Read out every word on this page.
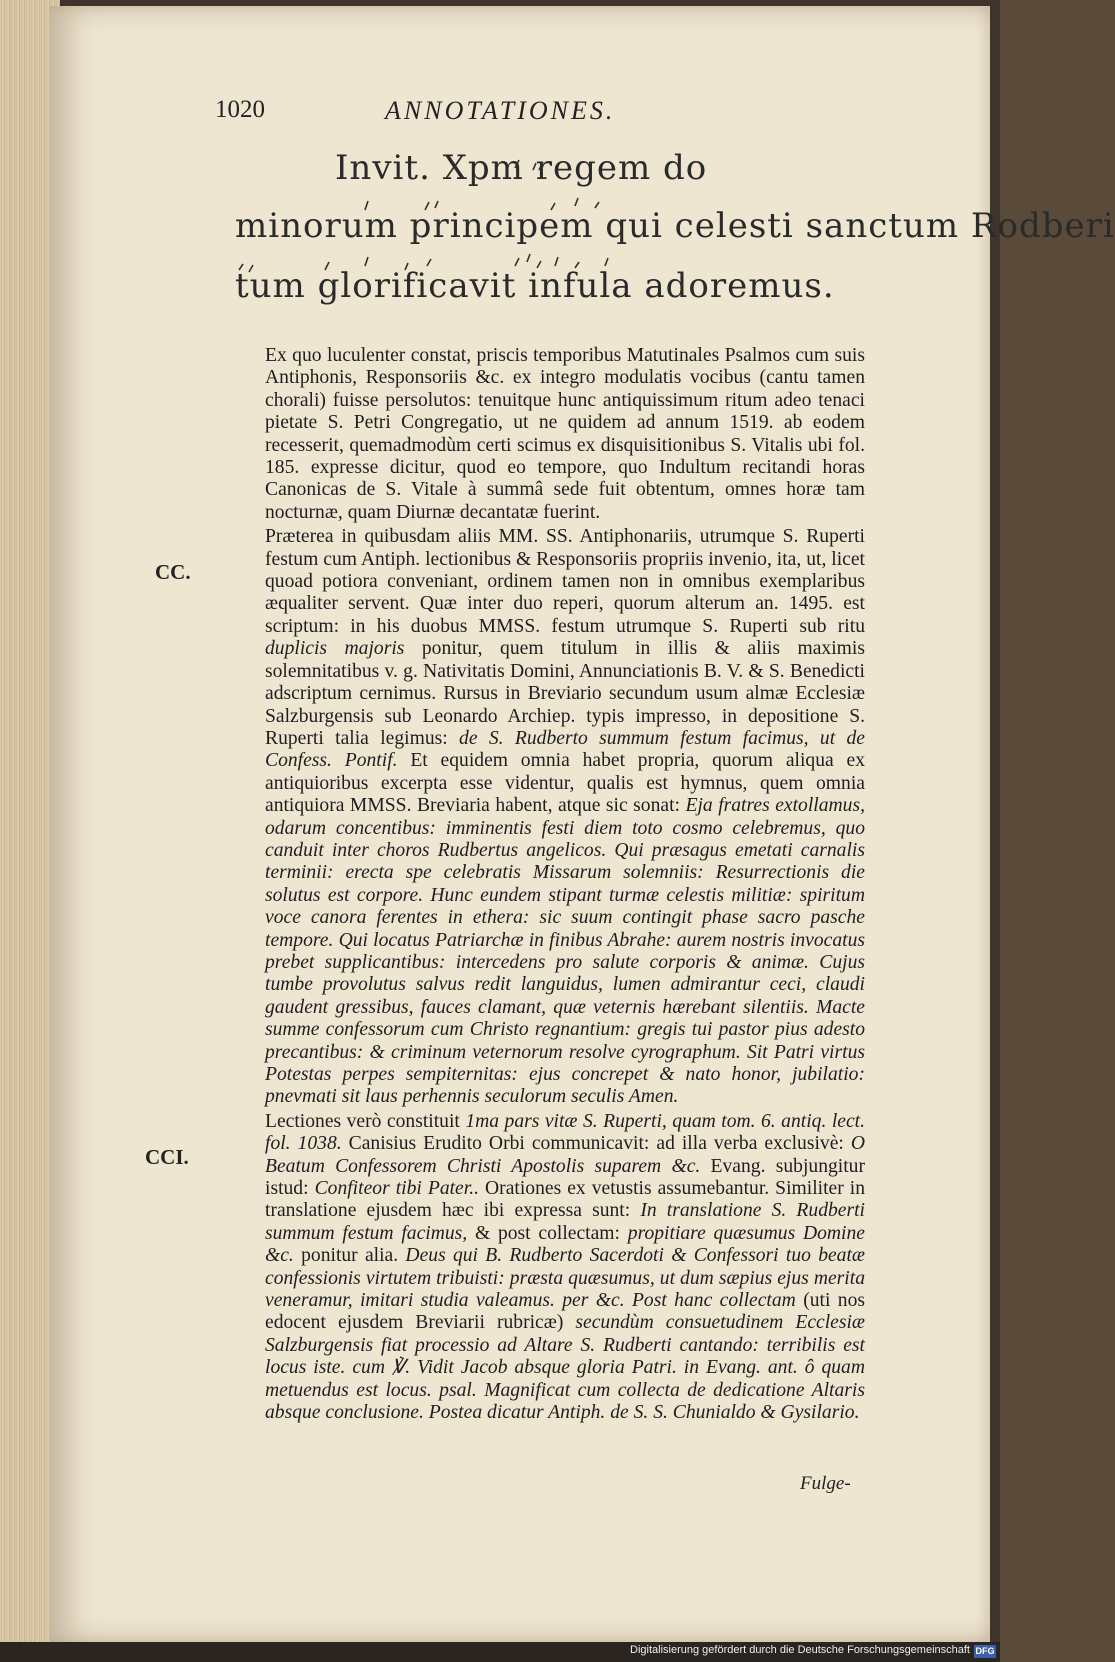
1020	ANNOTATIONES.
Invit. Xpm regem do
minorum principem qui celesti sanctum Rodberi
tum glorificavit infula adoremus.
CC.
CCI.

Ex quo luculenter constat, priscis temporibus Matutinales Psalmos cum suis Antiphonis, Responsoriis &c. ex integro modulatis vocibus (cantu tamen chorali) fuisse persolutos: tenuitque hunc antiquissimum ritum adeo tenaci pietate S. Petri Congregatio, ut ne quidem ad annum 1519. ab eodem recesserit, quemadmodùm certi scimus ex disquisitionibus S. Vitalis ubi fol. 185. expresse dicitur, quod eo tempore, quo Indultum recitandi horas Canonicas de S. Vitale à summâ sede fuit obtentum, omnes horæ tam nocturnæ, quam Diurnæ decantatæ fuerint.

Præterea in quibusdam aliis MM. SS. Antiphonariis, utrumque S. Ruperti festum cum Antiph. lectionibus & Responsoriis propriis invenio, ita, ut, licet quoad potiora conveniant, ordinem tamen non in omnibus exemplaribus æqualiter servent. Quæ inter duo reperi, quorum alterum an. 1495. est scriptum: in his duobus MMSS. festum utrumque S. Ruperti sub ritu duplicis majoris ponitur, quem titulum in illis & aliis maximis solemnitatibus v. g. Nativitatis Domini, Annunciationis B. V. & S. Benedicti adscriptum cernimus. Rursus in Breviario secundum usum almæ Ecclesiæ Salzburgensis sub Leonardo Archiep. typis impresso, in depositione S. Ruperti talia legimus: de S. Rudberto summum festum facimus, ut de Confess. Pontif. Et equidem omnia habet propria, quorum aliqua ex antiquioribus excerpta esse videntur, qualis est hymnus, quem omnia antiquiora MMSS. Breviaria habent, atque sic sonat: Eja fratres extollamus, odarum concentibus: imminentis festi diem toto cosmo celebremus, quo canduit inter choros Rudbertus angelicos. Qui præsagus emetati carnalis terminii: erecta spe celebratis Missarum solemniis: Resurrectionis die solutus est corpore. Hunc eundem stipant turmæ celestis militiæ: spiritum voce canora ferentes in ethera: sic suum contingit phase sacro pasche tempore. Qui locatus Patriarchæ in finibus Abrahe: aurem nostris invocatus prebet supplicantibus: intercedens pro salute corporis & animæ. Cujus tumbe provolutus salvus redit languidus, lumen admirantur ceci, claudi gaudent gressibus, fauces clamant, quæ veternis hærebant silentiis. Macte summe confessorum cum Christo regnantium: gregis tui pastor pius adesto precantibus: & criminum veternorum resolve cyrographum. Sit Patri virtus Potestas perpes sempiternitas: ejus concrepet & nato honor, jubilatio: pnevmati sit laus perhennis seculorum seculis Amen.

Lectiones verò constituit 1ma pars vitæ S. Ruperti, quam tom. 6. antiq. lect. fol. 1038. Canisius Erudito Orbi communicavit: ad illa verba exclusivè: O Beatum Confessorem Christi Apostolis suparem &c. Evang. subjungitur istud: Confiteor tibi Pater.. Orationes ex vetustis assumebantur. Similiter in translatione ejusdem hæc ibi expressa sunt: In translatione S. Rudberti summum festum facimus, & post collectam: propitiare quæsumus Domine &c. ponitur alia. Deus qui B. Rudberto Sacerdoti & Confessori tuo beatæ confessionis virtutem tribuisti: præsta quæsumus, ut dum sæpius ejus merita veneramur, imitari studia valeamus. per &c. Post hanc collectam (uti nos edocent ejusdem Breviarii rubricæ) secundùm consuetudinem Ecclesiæ Salzburgensis fiat processio ad Altare S. Rudberti cantando: terribilis est locus iste. cum ℣. Vidit Jacob absque gloria Patri. in Evang. ant. ô quam metuendus est locus. psal. Magnificat cum collecta de dedicatione Altaris absque conclusione. Postea dicatur Antiph. de S. S. Chunialdo & Gysilario.

Fulge-
Digitalisierung gefördert durch die Deutsche Forschungsgemeinschaft DFG
